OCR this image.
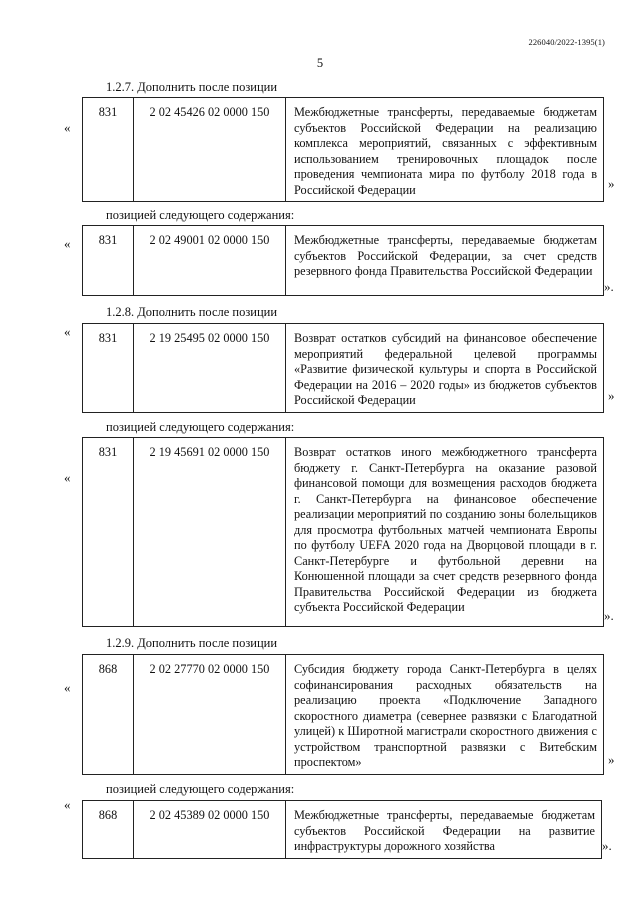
226040/2022-1395(1)
5
1.2.7. Дополнить после позиции
«
831	2 02 45426 02 0000 150	Межбюджетные трансферты, передаваемые бюджетам субъектов Российской Федерации на реализацию комплекса мероприятий, связанных с эффективным использованием тренировочных площадок после проведения чемпионата мира по футболу 2018 года в Российской Федерации	»
позицией следующего содержания:
« 831	2 02 49001 02 0000 150	Межбюджетные трансферты, передаваемые бюджетам субъектов Российской Федерации, за счет средств резервного фонда Правительства Российской Федерации
».
1.2.8. Дополнить после позиции
« 831	2 19 25495 02 0000 150	Возврат остатков субсидий на финансовое обеспечение мероприятий федеральной целевой программы «Развитие физической культуры и спорта в Российской Федерации на 2016 – 2020 годы» из бюджетов субъектов Российской Федерации	»
позицией следующего содержания:
«
831	2 19 45691 02 0000 150	Возврат остатков иного межбюджетного трансферта бюджету г. Санкт-Петербурга на оказание разовой финансовой помощи для возмещения расходов бюджета г. Санкт-Петербурга на финансовое обеспечение реализации мероприятий по созданию зоны болельщиков для просмотра футбольных матчей чемпионата Европы по футболу UEFA 2020 года на Дворцовой площади в г. Санкт-Петербурге и футбольной деревни на Конюшенной площади за счет средств резервного фонда Правительства Российской Федерации из бюджета субъекта Российской Федерации
».
1.2.9. Дополнить после позиции
«
868	2 02 27770 02 0000 150	Субсидия бюджету города Санкт-Петербурга в целях софинансирования расходных обязательств на реализацию проекта «Подключение Западного скоростного диаметра (севернее развязки с Благодатной улицей) к Широтной магистрали скоростного движения с устройством транспортной развязки с Витебским проспектом»	»
позицией следующего содержания:
«
868	2 02 45389 02 0000 150	Межбюджетные трансферты, передаваемые бюджетам субъектов Российской Федерации на развитие инфраструктуры дорожного хозяйства	».
